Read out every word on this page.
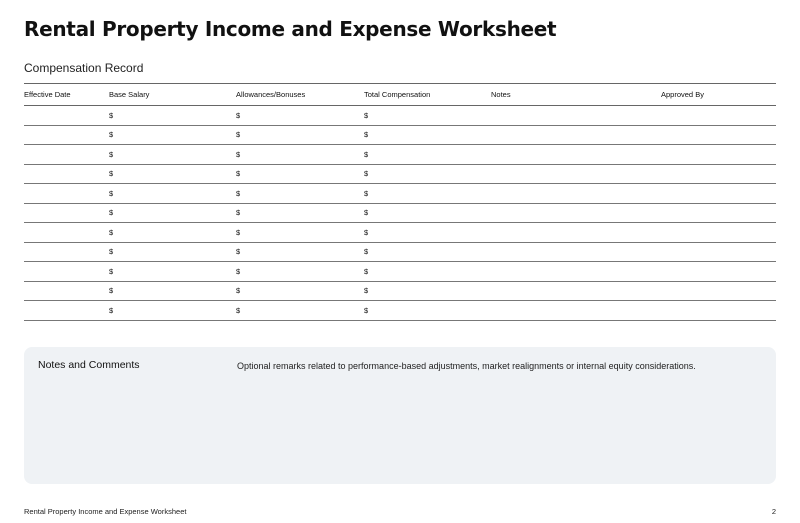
Rental Property Income and Expense Worksheet
Compensation Record
Effective Date	Base Salary	Allowances/Bonuses	Total Compensation	Notes	Approved By
	$	$	$		
	$	$	$		
	$	$	$		
	$	$	$		
	$	$	$		
	$	$	$		
	$	$	$		
	$	$	$		
	$	$	$		
	$	$	$		
	$	$	$		
Notes and Comments	Optional remarks related to performance-based adjustments, market realignments or internal equity considerations.
Rental Property Income and Expense Worksheet	2
